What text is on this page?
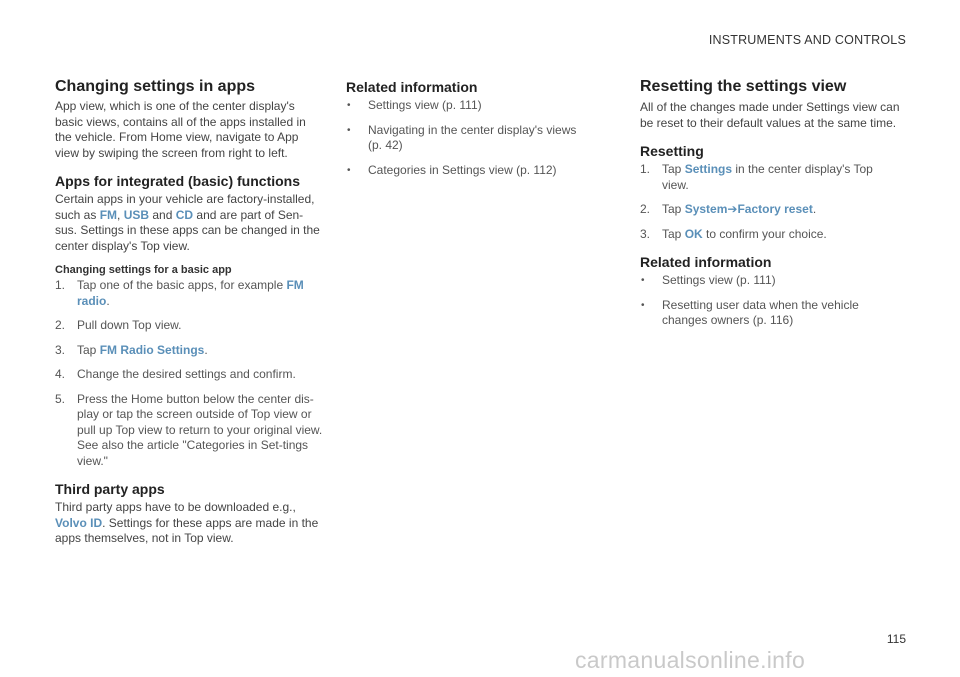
INSTRUMENTS AND CONTROLS
Changing settings in apps

App view, which is one of the center display's basic views, contains all of the apps installed in the vehicle. From Home view, navigate to App view by swiping the screen from right to left.

Apps for integrated (basic) functions

Certain apps in your vehicle are factory-installed, such as FM, USB and CD and are part of Sen-sus. Settings in these apps can be changed in the center display's Top view.

Changing settings for a basic app
1. Tap one of the basic apps, for example FM radio.
2. Pull down Top view.
3. Tap FM Radio Settings.
4. Change the desired settings and confirm.
5. Press the Home button below the center dis-play or tap the screen outside of Top view or pull up Top view to return to your original view. See also the article "Categories in Set-tings view."
Third party apps

Third party apps have to be downloaded e.g., Volvo ID. Settings for these apps are made in the apps themselves, not in Top view.

Related information
• Settings view (p. 111)
• Navigating in the center display's views (p. 42)
• Categories in Settings view (p. 112)
Resetting the settings view

All of the changes made under Settings view can be reset to their default values at the same time.

Resetting
1. Tap Settings in the center display's Top view.
2. Tap System➔Factory reset.
3. Tap OK to confirm your choice.
Related information
• Settings view (p. 111)
• Resetting user data when the vehicle changes owners (p. 116)
115
carmanualsonline.info
